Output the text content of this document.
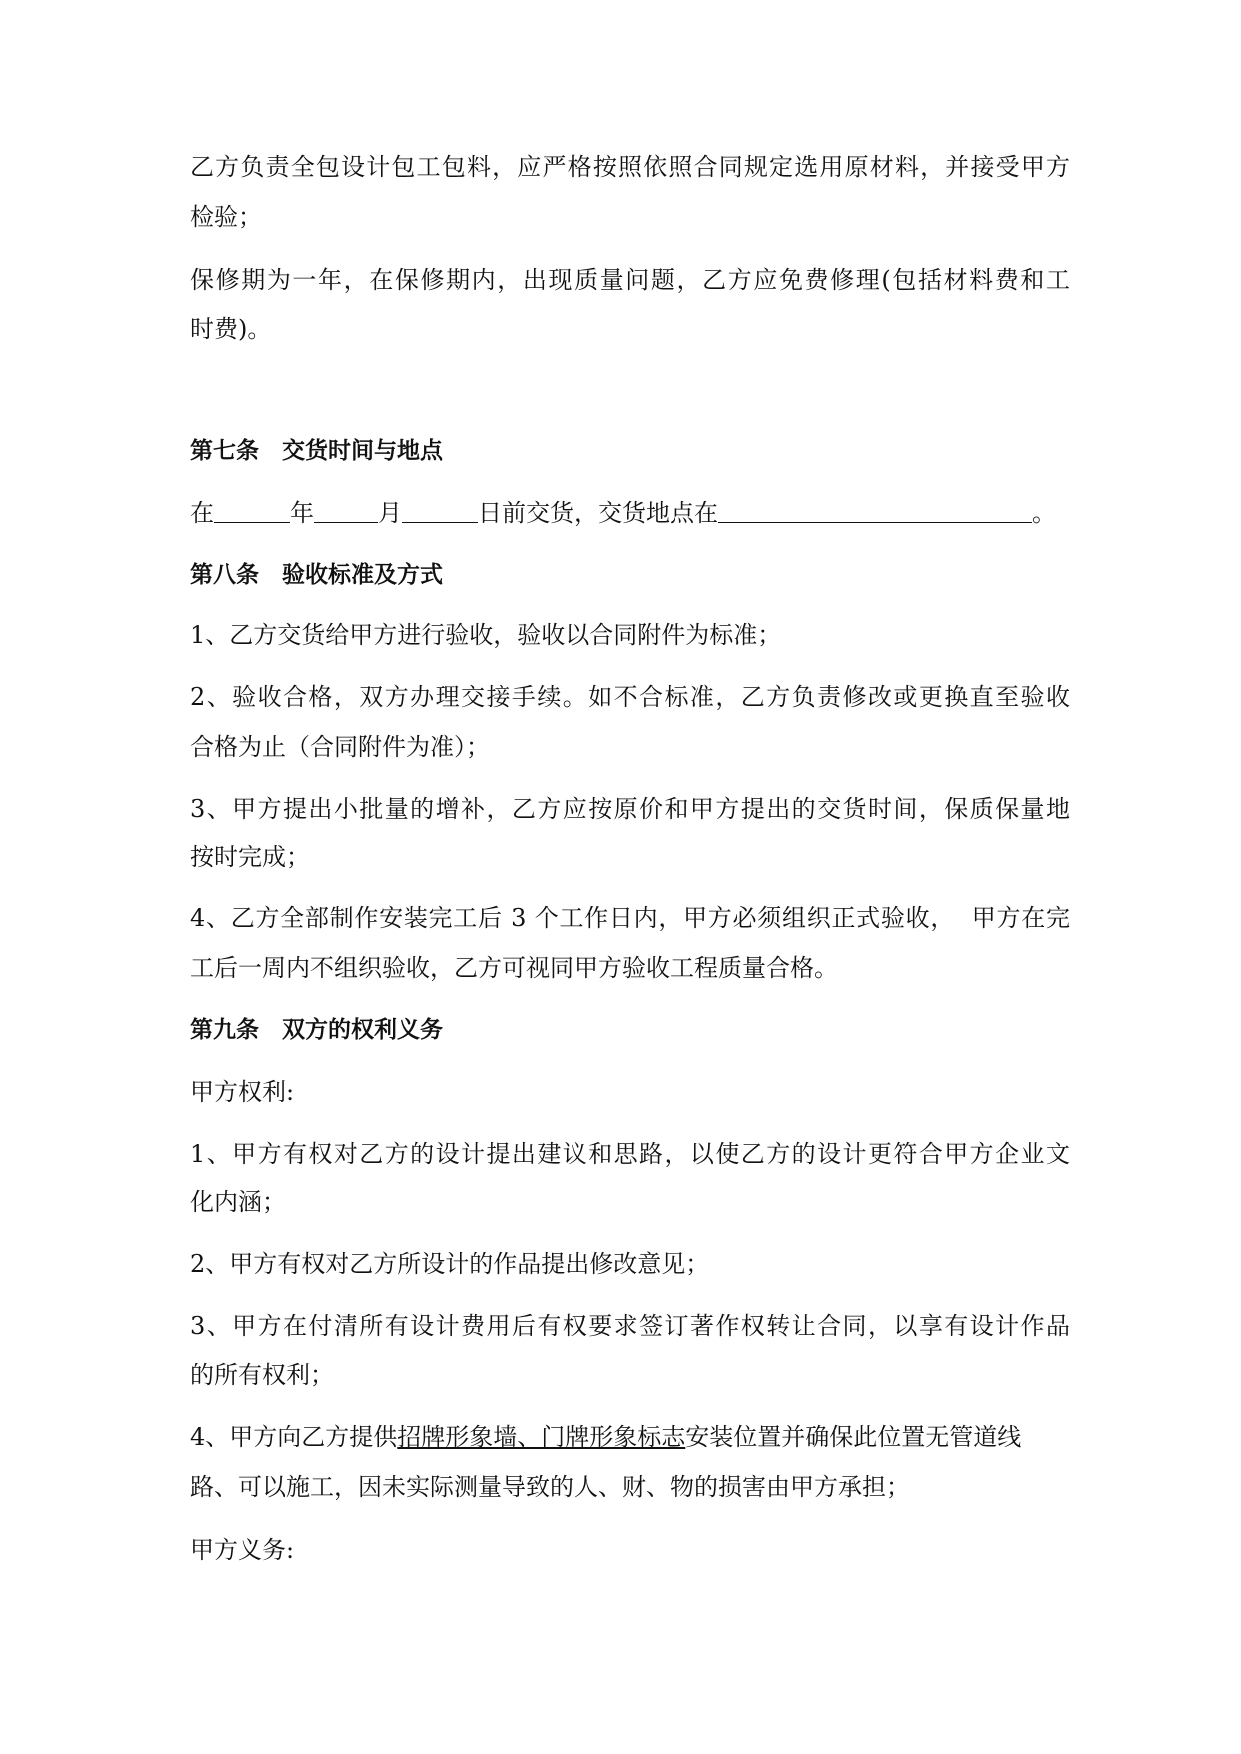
乙方负责全包设计包工包料，应严格按照依照合同规定选用原材料，并接受甲方
检验；
保修期为一年，在保修期内，出现质量问题，乙方应免费修理(包括材料费和工
时费)。
第七条　交货时间与地点
在	年	月	日前交货，交货地点在	。
第八条　验收标准及方式
1、乙方交货给甲方进行验收，验收以合同附件为标准；
2、验收合格，双方办理交接手续。如不合标准，乙方负责修改或更换直至验收
合格为止（合同附件为准）；
3、甲方提出小批量的增补，乙方应按原价和甲方提出的交货时间，保质保量地
按时完成；
4、乙方全部制作安装完工后 3 个工作日内，甲方必须组织正式验收，  甲方在完
工后一周内不组织验收，乙方可视同甲方验收工程质量合格。
第九条　双方的权利义务
甲方权利:
1、甲方有权对乙方的设计提出建议和思路，以使乙方的设计更符合甲方企业文
化内涵；
2、甲方有权对乙方所设计的作品提出修改意见；
3、甲方在付清所有设计费用后有权要求签订著作权转让合同，以享有设计作品
的所有权利；
4、甲方向乙方提供 招牌形象墙、门牌形象标志 安装位置并确保此位置无管道线
路、可以施工，因未实际测量导致的人、财、物的损害由甲方承担；
甲方义务:
